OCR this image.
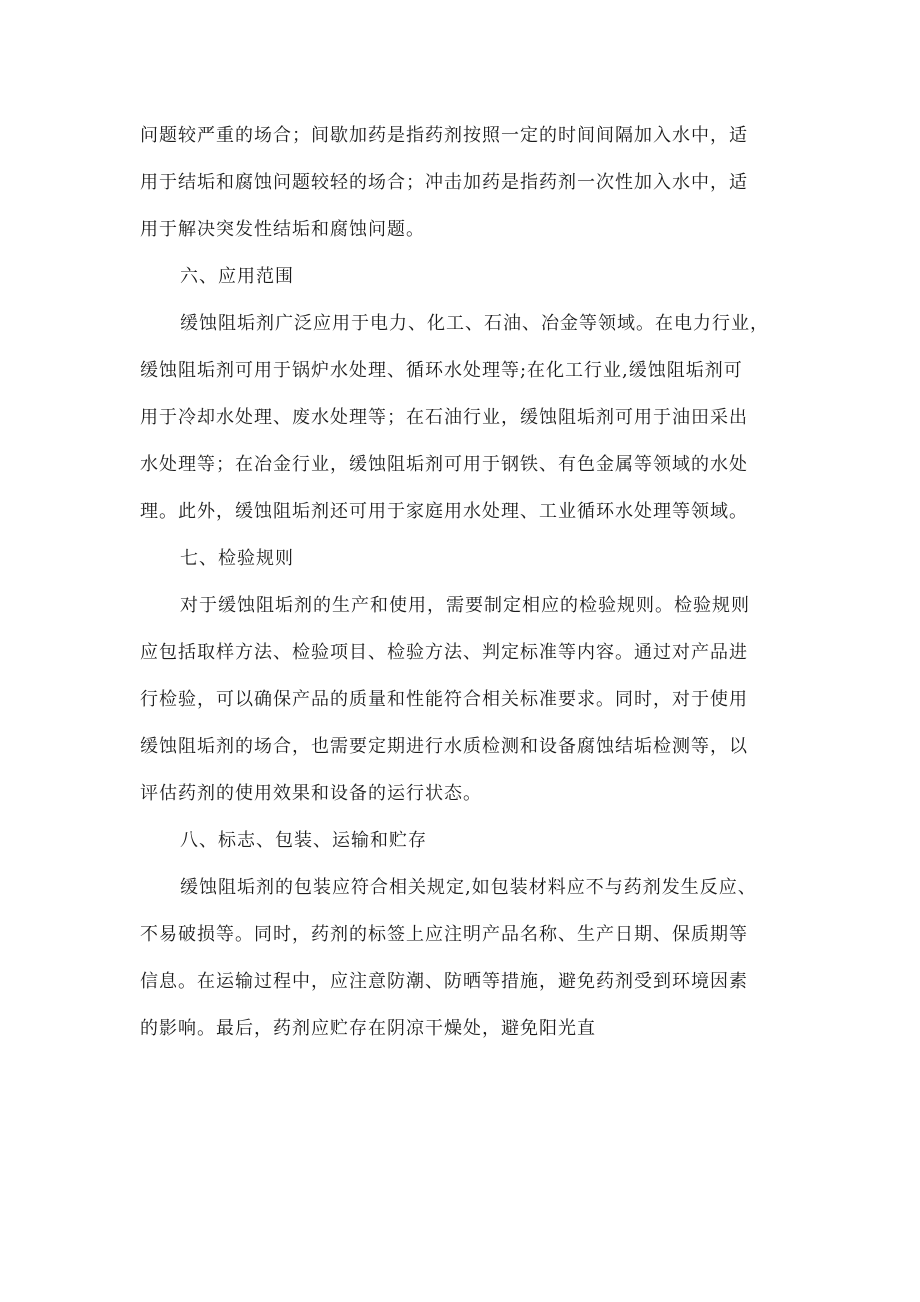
问题较严重的场合；间歇加药是指药剂按照一定的时间间隔加入水中，适
用于结垢和腐蚀问题较轻的场合；冲击加药是指药剂一次性加入水中，适
用于解决突发性结垢和腐蚀问题。
六、应用范围
缓蚀阻垢剂广泛应用于电力、化工、石油、冶金等领域。在电力行业，
缓蚀阻垢剂可用于锅炉水处理、循环水处理等;在化工行业,缓蚀阻垢剂可
用于冷却水处理、废水处理等；在石油行业，缓蚀阻垢剂可用于油田采出
水处理等；在冶金行业，缓蚀阻垢剂可用于钢铁、有色金属等领域的水处
理。此外，缓蚀阻垢剂还可用于家庭用水处理、工业循环水处理等领域。
七、检验规则
对于缓蚀阻垢剂的生产和使用，需要制定相应的检验规则。检验规则
应包括取样方法、检验项目、检验方法、判定标准等内容。通过对产品进
行检验，可以确保产品的质量和性能符合相关标准要求。同时，对于使用
缓蚀阻垢剂的场合，也需要定期进行水质检测和设备腐蚀结垢检测等，以
评估药剂的使用效果和设备的运行状态。
八、标志、包装、运输和贮存
缓蚀阻垢剂的包装应符合相关规定,如包装材料应不与药剂发生反应、
不易破损等。同时，药剂的标签上应注明产品名称、生产日期、保质期等
信息。在运输过程中，应注意防潮、防晒等措施，避免药剂受到环境因素
的影响。最后，药剂应贮存在阴凉干燥处，避免阳光直
